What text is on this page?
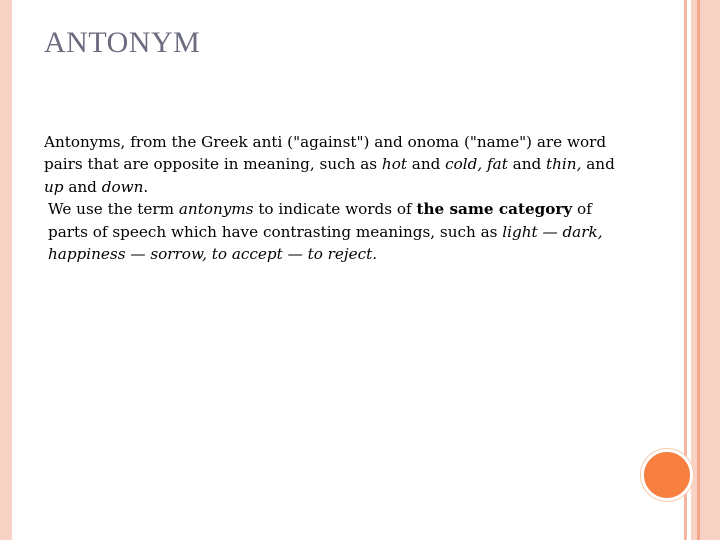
ANTONYM

Antonyms, from the Greek anti ("against") and onoma ("name") are word pairs that are opposite in meaning, such as hot and cold, fat and thin, and up and down.

We use the term antonyms to indicate words of the same category of parts of speech which have contrasting meanings, such as light — dark, happiness — sorrow, to accept — to reject.
